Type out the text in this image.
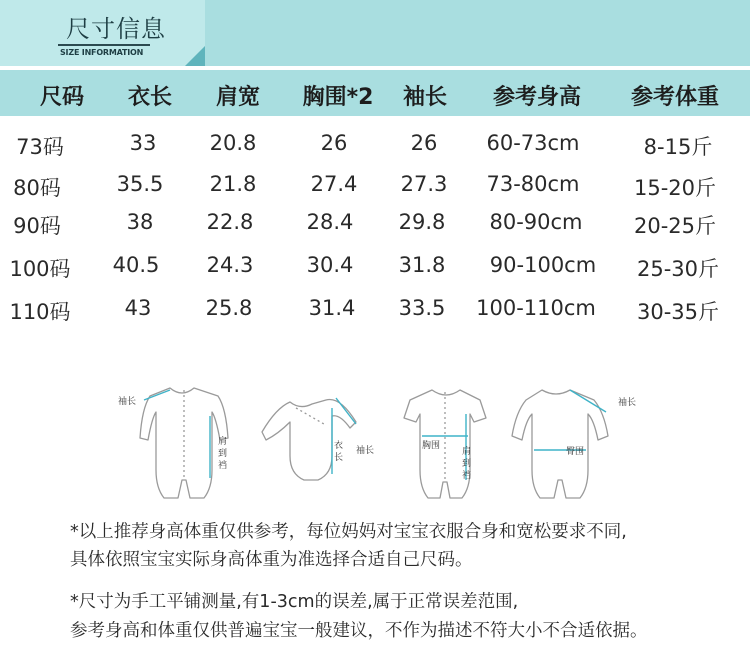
尺寸信息
SIZE INFORMATION
尺码 衣长 肩宽 胸围*2 袖长 参考身高 参考体重
73码	33	20.8	26	26 60-73cm	8-15斤
80码	35.5 21.8	27.4 27.3 73-80cm	15-20斤
90码	38	22.8	28.4 29.8 80-90cm 20-25斤
100码 40.5 24.3	30.4 31.8 90-100cm 25-30斤
110码	43	25.8	31.4 33.5 100-110cm 30-35斤
袖长
衣长
袖长	胸围
袖长
臀围
肩到裆
肩到裆
*以上推荐身高体重仅供参考，每位妈妈对宝宝衣服合身和宽松要求不同,
具体依照宝宝实际身高体重为准选择合适自己尺码。
*尺寸为手工平铺测量,有1-3cm的误差,属于正常误差范围,
参考身高和体重仅供普遍宝宝一般建议，不作为描述不符大小不合适依据。
